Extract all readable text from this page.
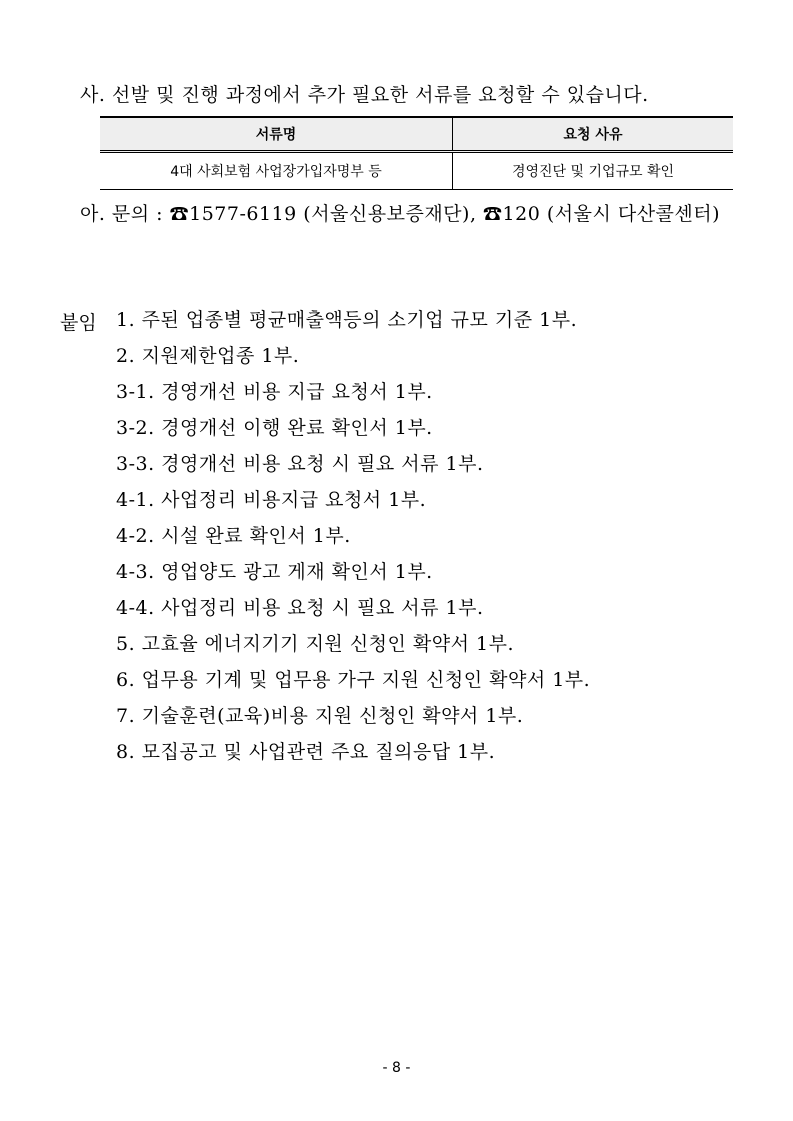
사. 선발 및 진행 과정에서 추가 필요한 서류를 요청할 수 있습니다.
서류명	요청 사유
4대 사회보험 사업장가입자명부 등	경영진단 및 기업규모 확인
아. 문의 : ☎1577-6119 (서울신용보증재단), ☎120 (서울시 다산콜센터)
붙임 1. 주된 업종별 평균매출액등의 소기업 규모 기준 1부.
2. 지원제한업종 1부.
3-1. 경영개선 비용 지급 요청서 1부.
3-2. 경영개선 이행 완료 확인서 1부.
3-3. 경영개선 비용 요청 시 필요 서류 1부.
4-1. 사업정리 비용지급 요청서 1부.
4-2. 시설 완료 확인서 1부.
4-3. 영업양도 광고 게재 확인서 1부.
4-4. 사업정리 비용 요청 시 필요 서류 1부.
5. 고효율 에너지기기 지원 신청인 확약서 1부.
6. 업무용 기계 및 업무용 가구 지원 신청인 확약서 1부.
7. 기술훈련(교육)비용 지원 신청인 확약서 1부.
8. 모집공고 및 사업관련 주요 질의응답 1부.
- 8 -
